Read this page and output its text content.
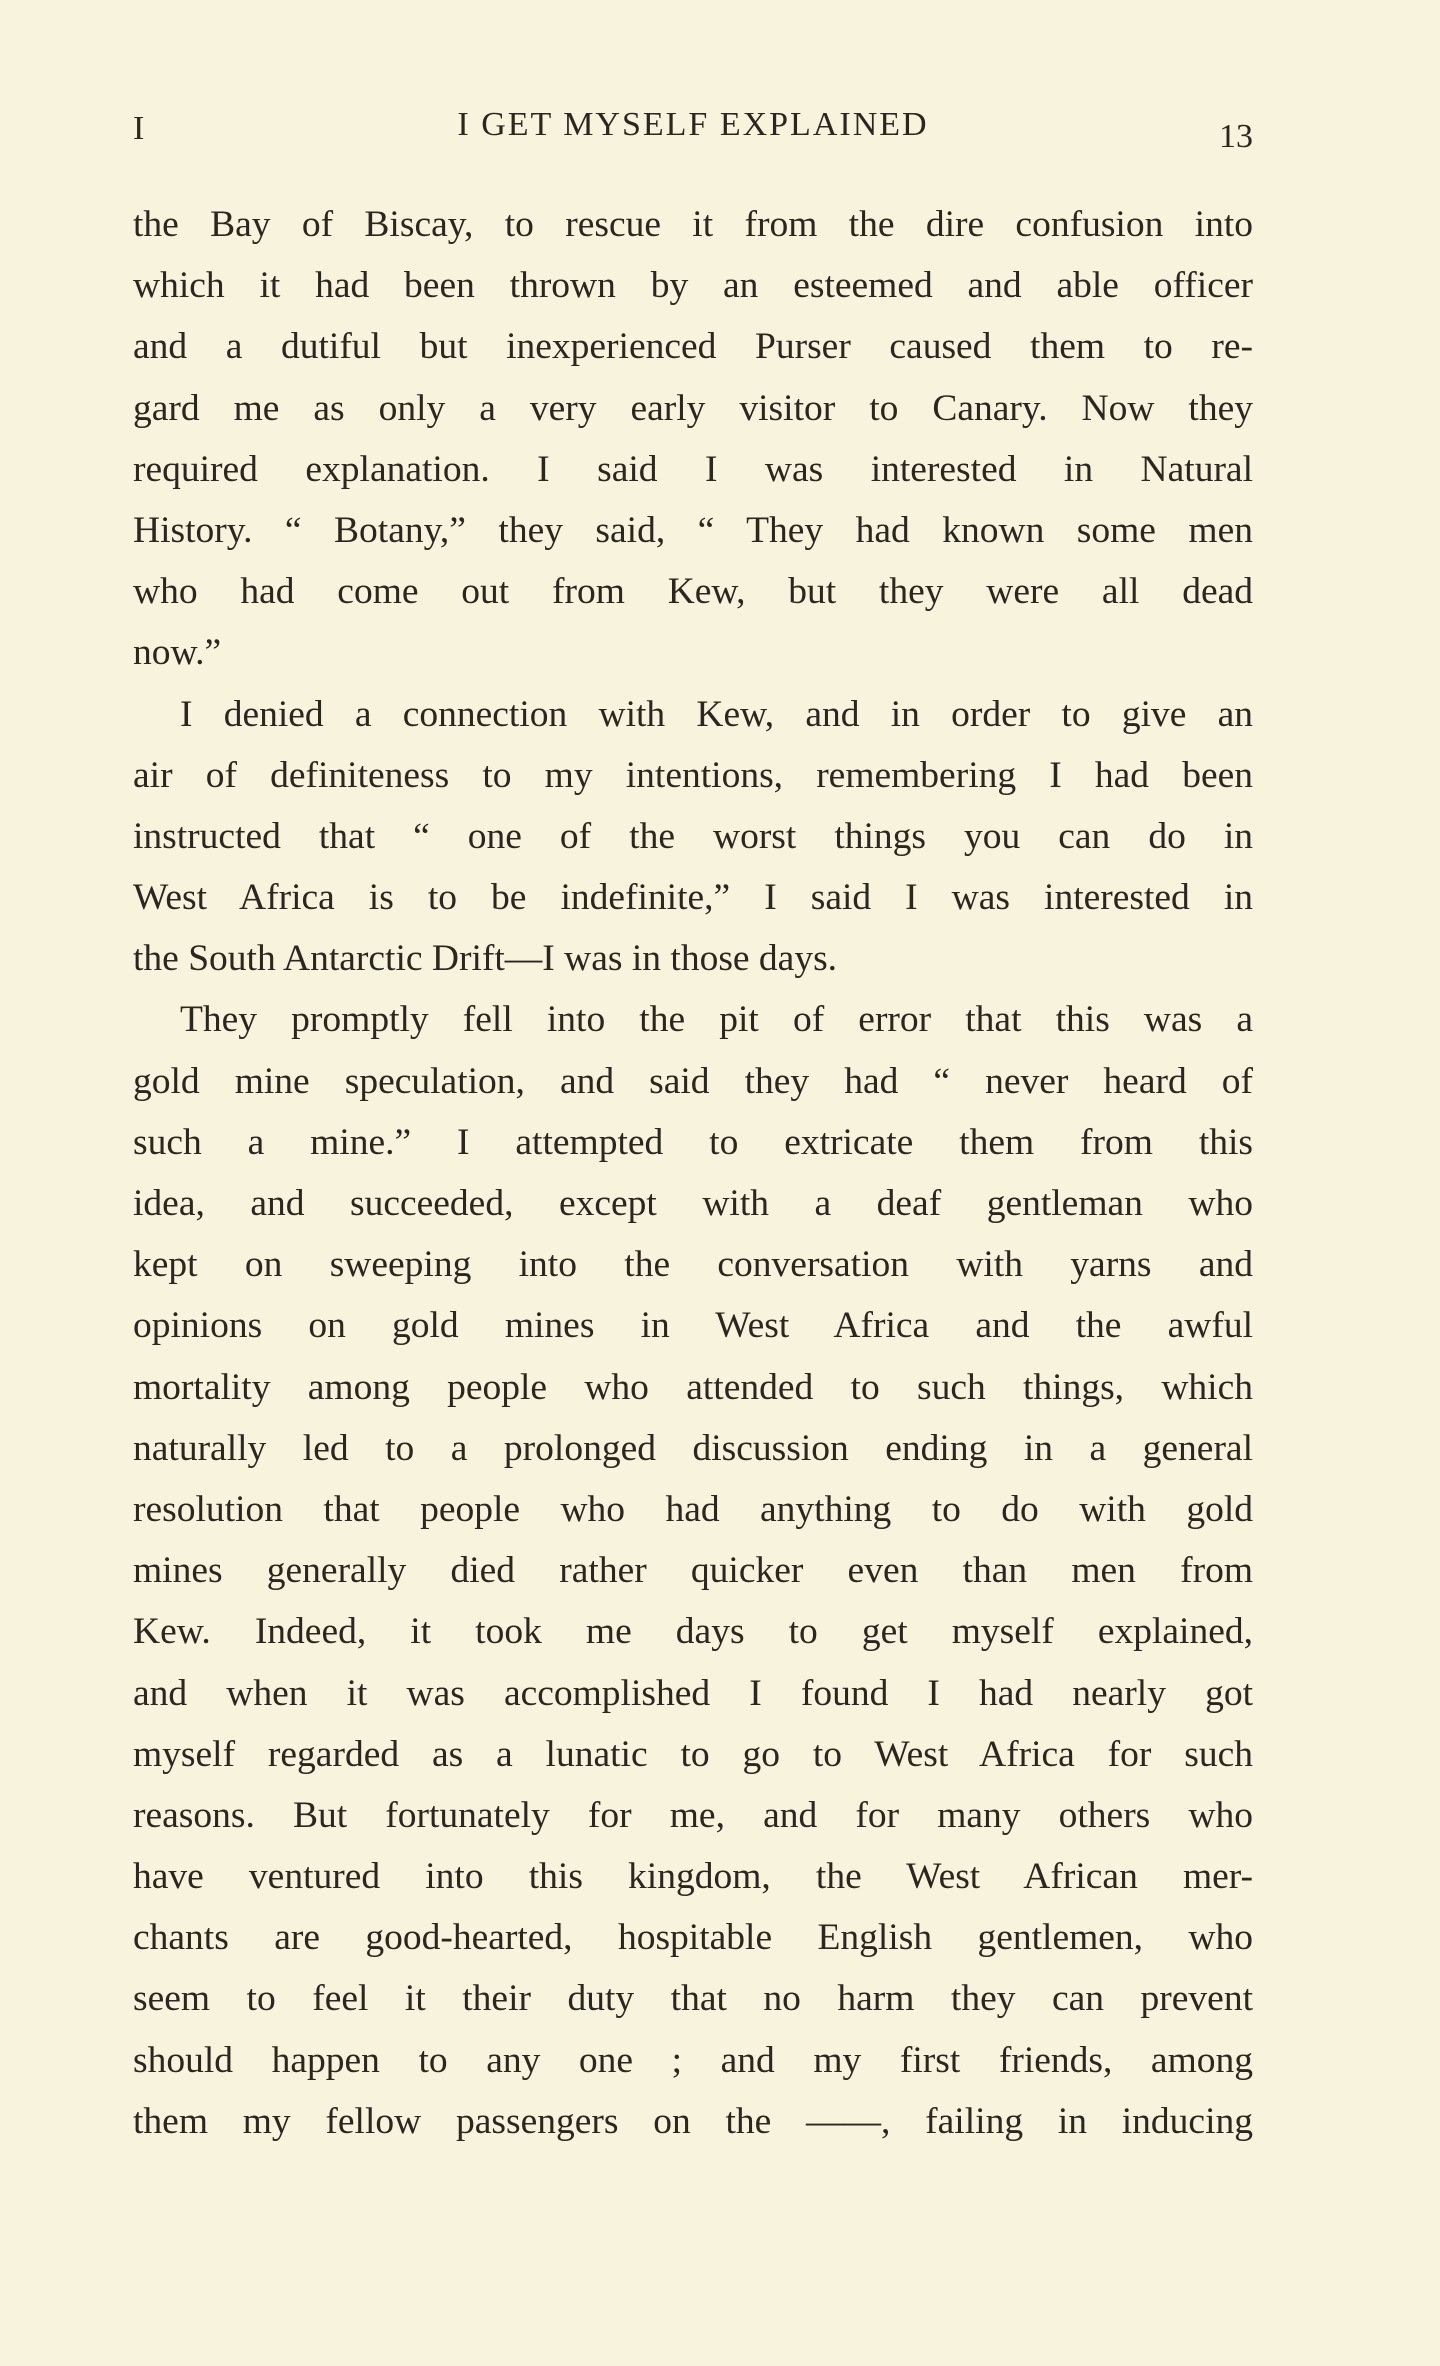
I	I GET MYSELF EXPLAINED	13
the Bay of Biscay, to rescue it from the dire confusion into
which it had been thrown by an esteemed and able officer
and a dutiful but inexperienced Purser caused them to re-
gard me as only a very early visitor to Canary. Now they
required explanation. I said I was interested in Natural
History. “ Botany,” they said, “ They had known some men
who had come out from Kew, but they were all dead
now.”
I denied a connection with Kew, and in order to give an
air of definiteness to my intentions, remembering I had been
instructed that “ one of the worst things you can do in
West Africa is to be indefinite,” I said I was interested in
the South Antarctic Drift—I was in those days.
They promptly fell into the pit of error that this was a
gold mine speculation, and said they had “ never heard of
such a mine.” I attempted to extricate them from this
idea, and succeeded, except with a deaf gentleman who
kept on sweeping into the conversation with yarns and
opinions on gold mines in West Africa and the awful
mortality among people who attended to such things, which
naturally led to a prolonged discussion ending in a general
resolution that people who had anything to do with gold
mines generally died rather quicker even than men from
Kew. Indeed, it took me days to get myself explained,
and when it was accomplished I found I had nearly got
myself regarded as a lunatic to go to West Africa for such
reasons. But fortunately for me, and for many others who
have ventured into this kingdom, the West African mer-
chants are good-hearted, hospitable English gentlemen, who
seem to feel it their duty that no harm they can prevent
should happen to any one ; and my first friends, among
them my fellow passengers on the ——, failing in inducing
